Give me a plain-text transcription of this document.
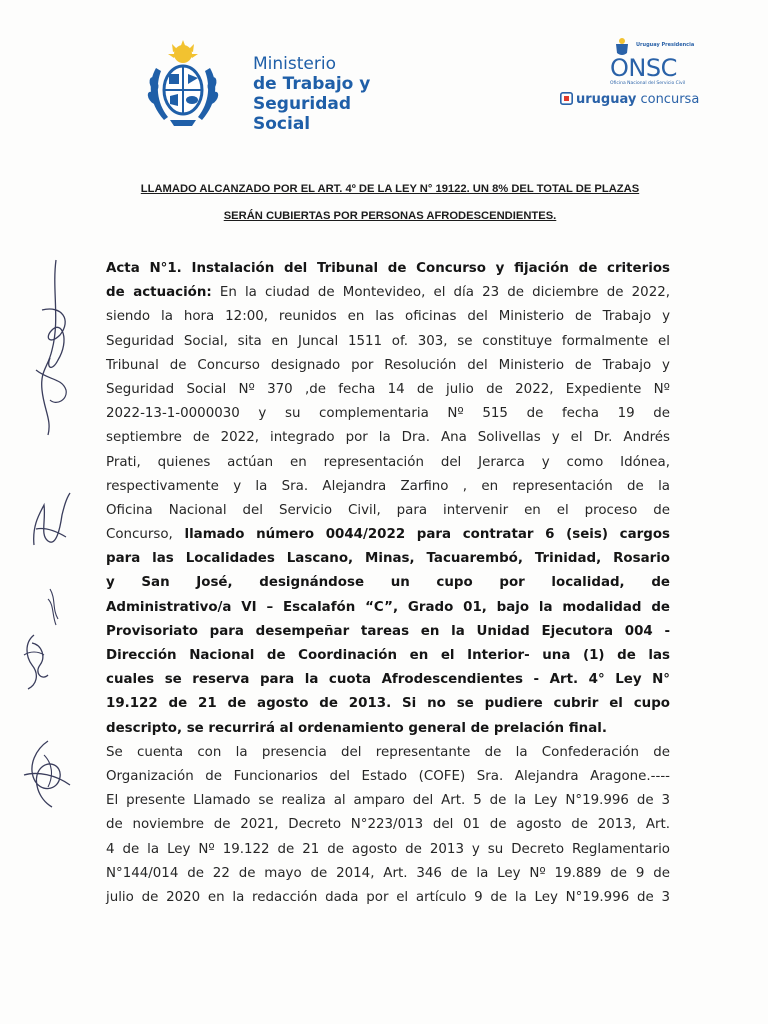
Ministerio
de Trabajo y
Seguridad Social
Uruguay Presidencia
ONSC
Oficina Nacional del Servicio Civil
uruguay concursa
LLAMADO ALCANZADO POR EL ART. 4º DE LA LEY N° 19122. UN 8% DEL TOTAL DE PLAZAS
SERÁN CUBIERTAS POR PERSONAS AFRODESCENDIENTES.
Acta N°1. Instalación del Tribunal de Concurso y fijación de criterios
de actuación: En la ciudad de Montevideo, el día 23 de diciembre de 2022,
siendo la hora 12:00, reunidos en las oficinas del Ministerio de Trabajo y
Seguridad Social, sita en Juncal 1511 of. 303, se constituye formalmente el
Tribunal de Concurso designado por Resolución del Ministerio de Trabajo y
Seguridad Social Nº 370 ,de fecha 14 de julio de 2022, Expediente Nº
2022-13-1-0000030 y su complementaria Nº 515 de fecha 19 de
septiembre de 2022, integrado por la Dra. Ana Solivellas y el Dr. Andrés
Prati, quienes actúan en representación del Jerarca y como Idónea,
respectivamente y la Sra. Alejandra Zarfino , en representación de la
Oficina Nacional del Servicio Civil, para intervenir en el proceso de
Concurso, llamado número 0044/2022 para contratar 6 (seis) cargos
para las Localidades Lascano, Minas, Tacuarembó, Trinidad, Rosario
y San José, designándose un cupo por localidad, de
Administrativo/a VI – Escalafón “C”, Grado 01, bajo la modalidad de
Provisoriato para desempeñar tareas en la Unidad Ejecutora 004 -
Dirección Nacional de Coordinación en el Interior- una (1) de las
cuales se reserva para la cuota Afrodescendientes - Art. 4° Ley N°
19.122 de 21 de agosto de 2013. Si no se pudiere cubrir el cupo
descripto, se recurrirá al ordenamiento general de prelación final.
Se cuenta con la presencia del representante de la Confederación de
Organización de Funcionarios del Estado (COFE) Sra. Alejandra Aragone.----
El presente Llamado se realiza al amparo del Art. 5 de la Ley N°19.996 de 3
de noviembre de 2021, Decreto N°223/013 del 01 de agosto de 2013, Art.
4 de la Ley Nº 19.122 de 21 de agosto de 2013 y su Decreto Reglamentario
N°144/014 de 22 de mayo de 2014, Art. 346 de la Ley Nº 19.889 de 9 de
julio de 2020 en la redacción dada por el artículo 9 de la Ley N°19.996 de 3
